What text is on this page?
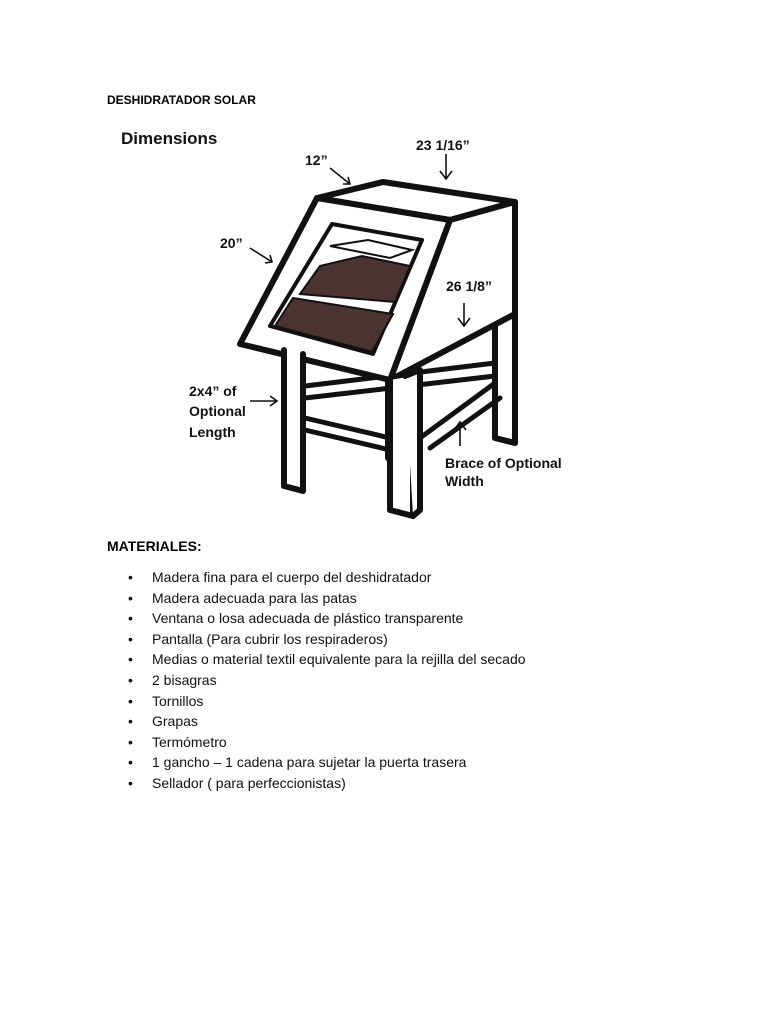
DESHIDRATADOR SOLAR
Dimensions
12”
23 1/16”
20”
26 1/8”
2x4” of
Optional
Length
Brace of Optional
Width
MATERIALES:
• Madera fina para el cuerpo del deshidratador
• Madera adecuada para las patas
• Ventana o losa adecuada de plástico transparente
• Pantalla (Para cubrir los respiraderos)
• Medias o material textil equivalente para la rejilla del secado
• 2 bisagras
• Tornillos
• Grapas
• Termómetro
• 1 gancho – 1 cadena para sujetar la puerta trasera
• Sellador ( para perfeccionistas)
